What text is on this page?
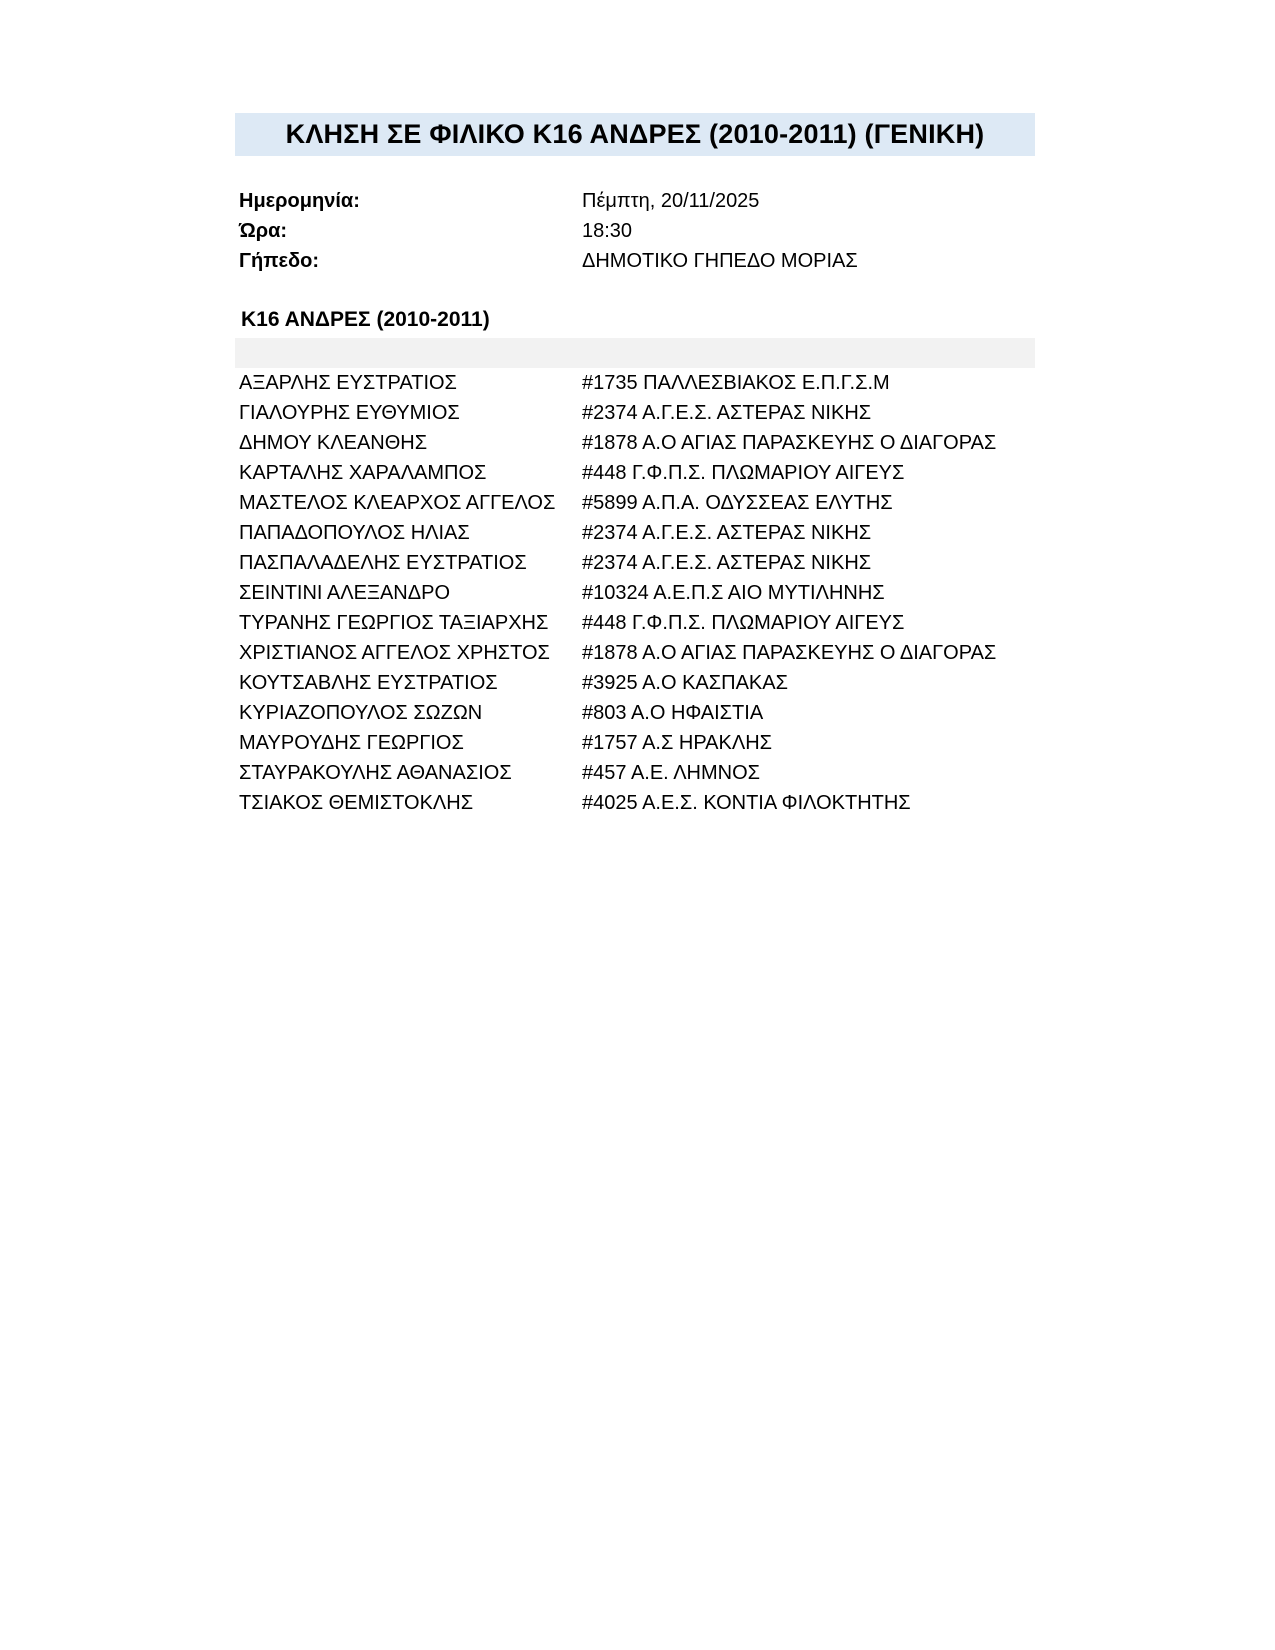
ΚΛΗΣΗ ΣΕ ΦΙΛΙΚΟ Κ16 ΑΝΔΡΕΣ (2010-2011) (ΓΕΝΙΚΗ)
Ημερομηνία:	Πέμπτη, 20/11/2025
Ώρα:	18:30
Γήπεδο:	ΔΗΜΟΤΙΚΟ ΓΗΠΕΔΟ ΜΟΡΙΑΣ
Κ16 ΑΝΔΡΕΣ (2010-2011)
ΑΞΑΡΛΗΣ ΕΥΣΤΡΑΤΙΟΣ	#1735 ΠΑΛΛΕΣΒΙΑΚΟΣ Ε.Π.Γ.Σ.Μ
ΓΙΑΛΟΥΡΗΣ ΕΥΘΥΜΙΟΣ	#2374 Α.Γ.Ε.Σ. ΑΣΤΕΡΑΣ ΝΙΚΗΣ
ΔΗΜΟΥ ΚΛΕΑΝΘΗΣ	#1878 Α.Ο ΑΓΙΑΣ ΠΑΡΑΣΚΕΥΗΣ Ο ΔΙΑΓΟΡΑΣ
ΚΑΡΤΑΛΗΣ ΧΑΡΑΛΑΜΠΟΣ	#448 Γ.Φ.Π.Σ. ΠΛΩΜΑΡΙΟΥ ΑΙΓΕΥΣ
ΜΑΣΤΕΛΟΣ ΚΛΕΑΡΧΟΣ ΑΓΓΕΛΟΣ	#5899 Α.Π.Α. ΟΔΥΣΣΕΑΣ ΕΛΥΤΗΣ
ΠΑΠΑΔΟΠΟΥΛΟΣ ΗΛΙΑΣ	#2374 Α.Γ.Ε.Σ. ΑΣΤΕΡΑΣ ΝΙΚΗΣ
ΠΑΣΠΑΛΑΔΕΛΗΣ ΕΥΣΤΡΑΤΙΟΣ	#2374 Α.Γ.Ε.Σ. ΑΣΤΕΡΑΣ ΝΙΚΗΣ
ΣΕΙΝΤΙΝΙ ΑΛΕΞΑΝΔΡΟ	#10324 Α.Ε.Π.Σ ΑΙΟ ΜΥΤΙΛΗΝΗΣ
ΤΥΡΑΝΗΣ ΓΕΩΡΓΙΟΣ ΤΑΞΙΑΡΧΗΣ	#448 Γ.Φ.Π.Σ. ΠΛΩΜΑΡΙΟΥ ΑΙΓΕΥΣ
ΧΡΙΣΤΙΑΝΟΣ ΑΓΓΕΛΟΣ ΧΡΗΣΤΟΣ	#1878 Α.Ο ΑΓΙΑΣ ΠΑΡΑΣΚΕΥΗΣ Ο ΔΙΑΓΟΡΑΣ
ΚΟΥΤΣΑΒΛΗΣ ΕΥΣΤΡΑΤΙΟΣ	#3925 Α.Ο ΚΑΣΠΑΚΑΣ
ΚΥΡΙΑΖΟΠΟΥΛΟΣ ΣΩΖΩΝ	#803 Α.Ο ΗΦΑΙΣΤΙΑ
ΜΑΥΡΟΥΔΗΣ ΓΕΩΡΓΙΟΣ	#1757 Α.Σ ΗΡΑΚΛΗΣ
ΣΤΑΥΡΑΚΟΥΛΗΣ ΑΘΑΝΑΣΙΟΣ	#457 Α.Ε. ΛΗΜΝΟΣ
ΤΣΙΑΚΟΣ ΘΕΜΙΣΤΟΚΛΗΣ	#4025 Α.Ε.Σ. ΚΟΝΤΙΑ ΦΙΛΟΚΤΗΤΗΣ
